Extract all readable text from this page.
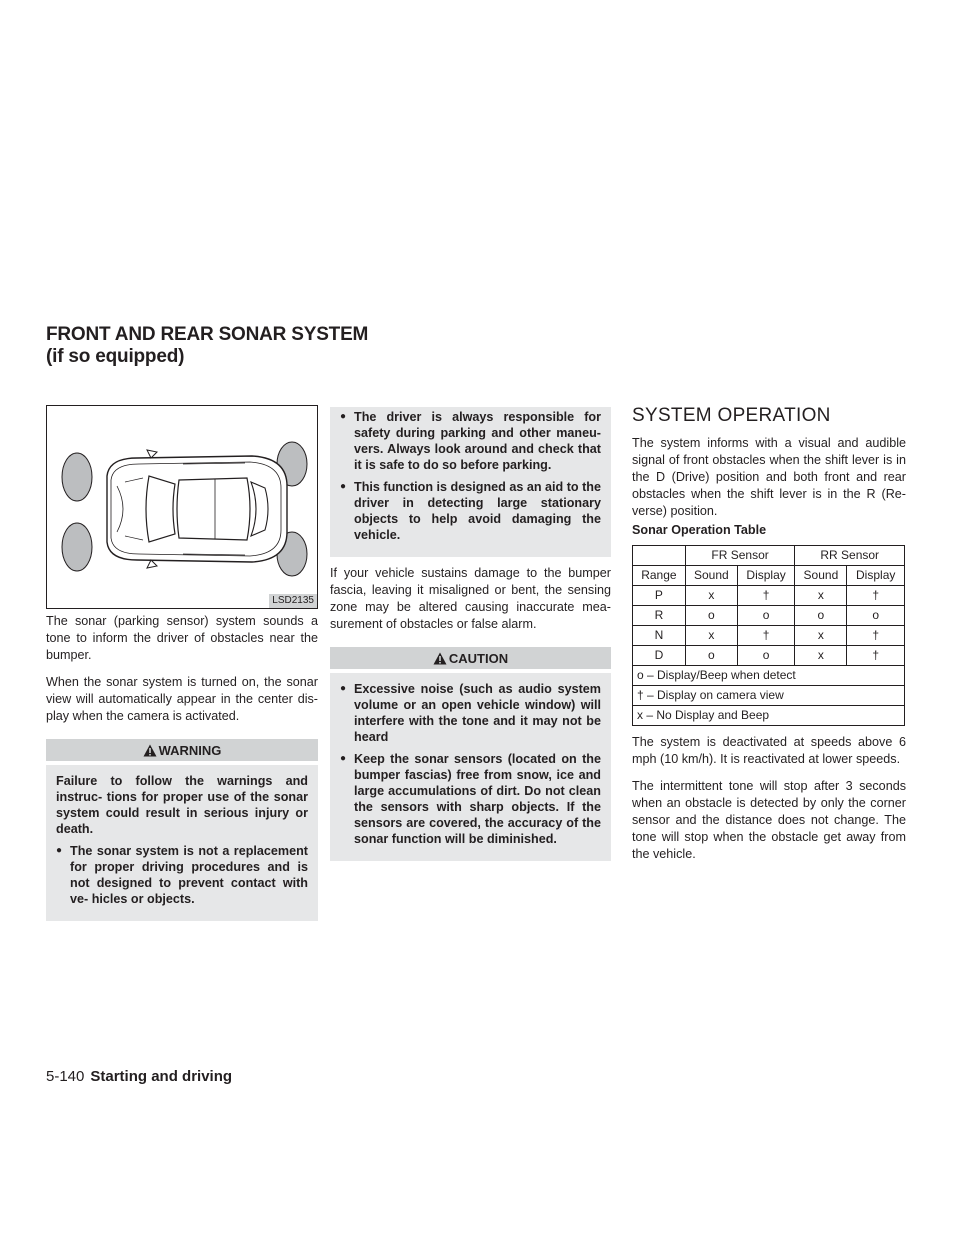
FRONT AND REAR SONAR SYSTEM
(if so equipped)
LSD2135

The sonar (parking sensor) system sounds a tone to inform the driver of obstacles near the bumper.

When the sonar system is turned on, the sonar view will automatically appear in the center dis- play when the camera is activated.

WARNING

Failure to follow the warnings and instruc- tions for proper use of the sonar system could result in serious injury or death.

● The sonar system is not a replacement for proper driving procedures and is not designed to prevent contact with ve- hicles or objects.
● The driver is always responsible for safety during parking and other maneu- vers. Always look around and check that it is safe to do so before parking.
● This function is designed as an aid to the driver in detecting large stationary objects to help avoid damaging the vehicle.

If your vehicle sustains damage to the bumper fascia, leaving it misaligned or bent, the sensing zone may be altered causing inaccurate mea- surement of obstacles or false alarm.

CAUTION
● Excessive noise (such as audio system volume or an open vehicle window) will interfere with the tone and it may not be heard
● Keep the sonar sensors (located on the bumper fascias) free from snow, ice and large accumulations of dirt. Do not clean the sensors with sharp objects. If the sensors are covered, the accuracy of the sonar function will be diminished.
SYSTEM OPERATION

The system informs with a visual and audible signal of front obstacles when the shift lever is in the D (Drive) position and both front and rear obstacles when the shift lever is in the R (Re- verse) position.

Sonar Operation Table
	FR Sensor		RR Sensor	
Range	Sound	Display	Sound	Display
P	x	†	x	†
R	o	o	o	o
N	x	†	x	†
D	o	o	x	†
o – Display/Beep when detect				
† – Display on camera view				
x – No Display and Beep				

The system is deactivated at speeds above 6 mph (10 km/h). It is reactivated at lower speeds.

The intermittent tone will stop after 3 seconds when an obstacle is detected by only the corner sensor and the distance does not change. The tone will stop when the obstacle get away from the vehicle.

5-140 Starting and driving
